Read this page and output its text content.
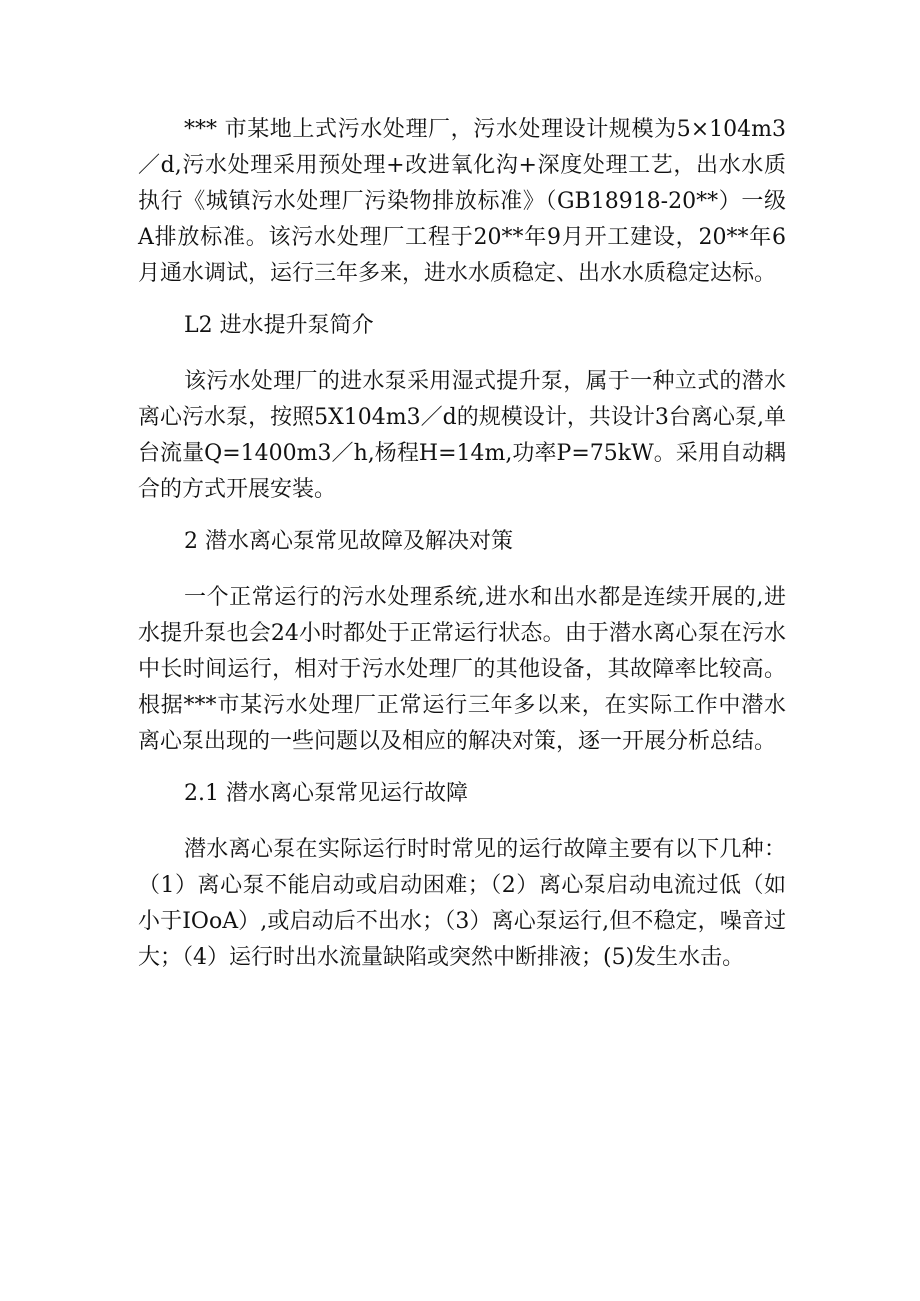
*** 市某地上式污水处理厂，污水处理设计规模为5×104m3／d,污水处理采用预处理+改进氧化沟+深度处理工艺，出水水质执行《城镇污水处理厂污染物排放标准》（GB18918-20**）一级A排放标准。该污水处理厂工程于20**年9月开工建设，20**年6月通水调试，运行三年多来，进水水质稳定、出水水质稳定达标。

L2 进水提升泵简介

该污水处理厂的进水泵采用湿式提升泵，属于一种立式的潜水离心污水泵，按照5X104m3／d的规模设计，共设计3台离心泵,单台流量Q=1400m3／h,杨程H=14m,功率P=75kW。采用自动耦合的方式开展安装。

2 潜水离心泵常见故障及解决对策

一个正常运行的污水处理系统,进水和出水都是连续开展的,进水提升泵也会24小时都处于正常运行状态。由于潜水离心泵在污水中长时间运行，相对于污水处理厂的其他设备，其故障率比较高。根据***市某污水处理厂正常运行三年多以来，在实际工作中潜水离心泵出现的一些问题以及相应的解决对策，逐一开展分析总结。

2.1 潜水离心泵常见运行故障

潜水离心泵在实际运行时时常见的运行故障主要有以下几种：（1）离心泵不能启动或启动困难；（2）离心泵启动电流过低（如小于IOoA）,或启动后不出水；（3）离心泵运行,但不稳定，噪音过大；（4）运行时出水流量缺陷或突然中断排液；(5)发生水击。
